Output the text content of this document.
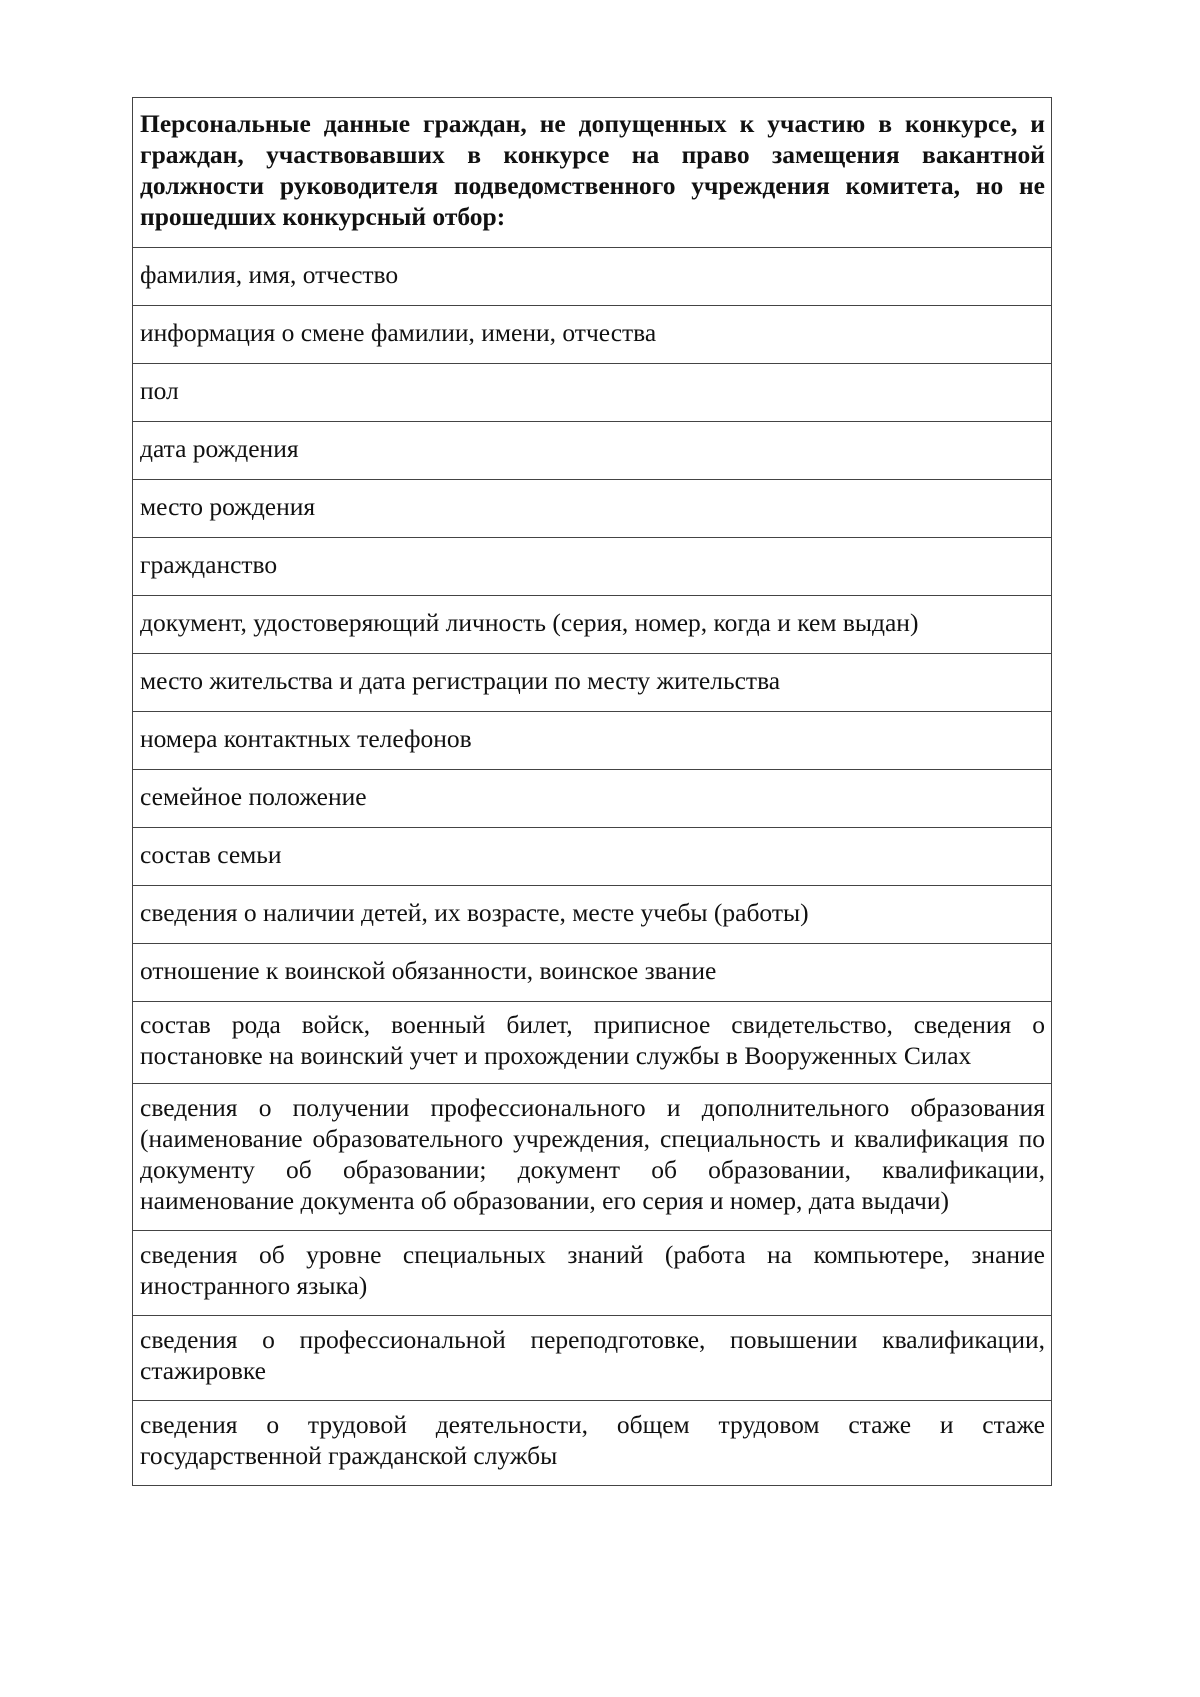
Персональные данные граждан, не допущенных к участию в конкурсе, и граждан, участвовавших в конкурсе на право замещения вакантной должности руководителя подведомственного учреждения комитета, но не прошедших конкурсный отбор:
фамилия, имя, отчество
информация о смене фамилии, имени, отчества
пол
дата рождения
место рождения
гражданство
документ, удостоверяющий личность (серия, номер, когда и кем выдан)
место жительства и дата регистрации по месту жительства
номера контактных телефонов
семейное положение
состав семьи
сведения о наличии детей, их возрасте, месте учебы (работы)
отношение к воинской обязанности, воинское звание
состав рода войск, военный билет, приписное свидетельство, сведения о постановке на воинский учет и прохождении службы в Вооруженных Силах
сведения о получении профессионального и дополнительного образования (наименование образовательного учреждения, специальность и квалификация по документу об образовании; документ об образовании, квалификации, наименование документа об образовании, его серия и номер, дата выдачи)
сведения об уровне специальных знаний (работа на компьютере, знание иностранного языка)
сведения о профессиональной переподготовке, повышении квалификации, стажировке
сведения о трудовой деятельности, общем трудовом стаже и стаже государственной гражданской службы
